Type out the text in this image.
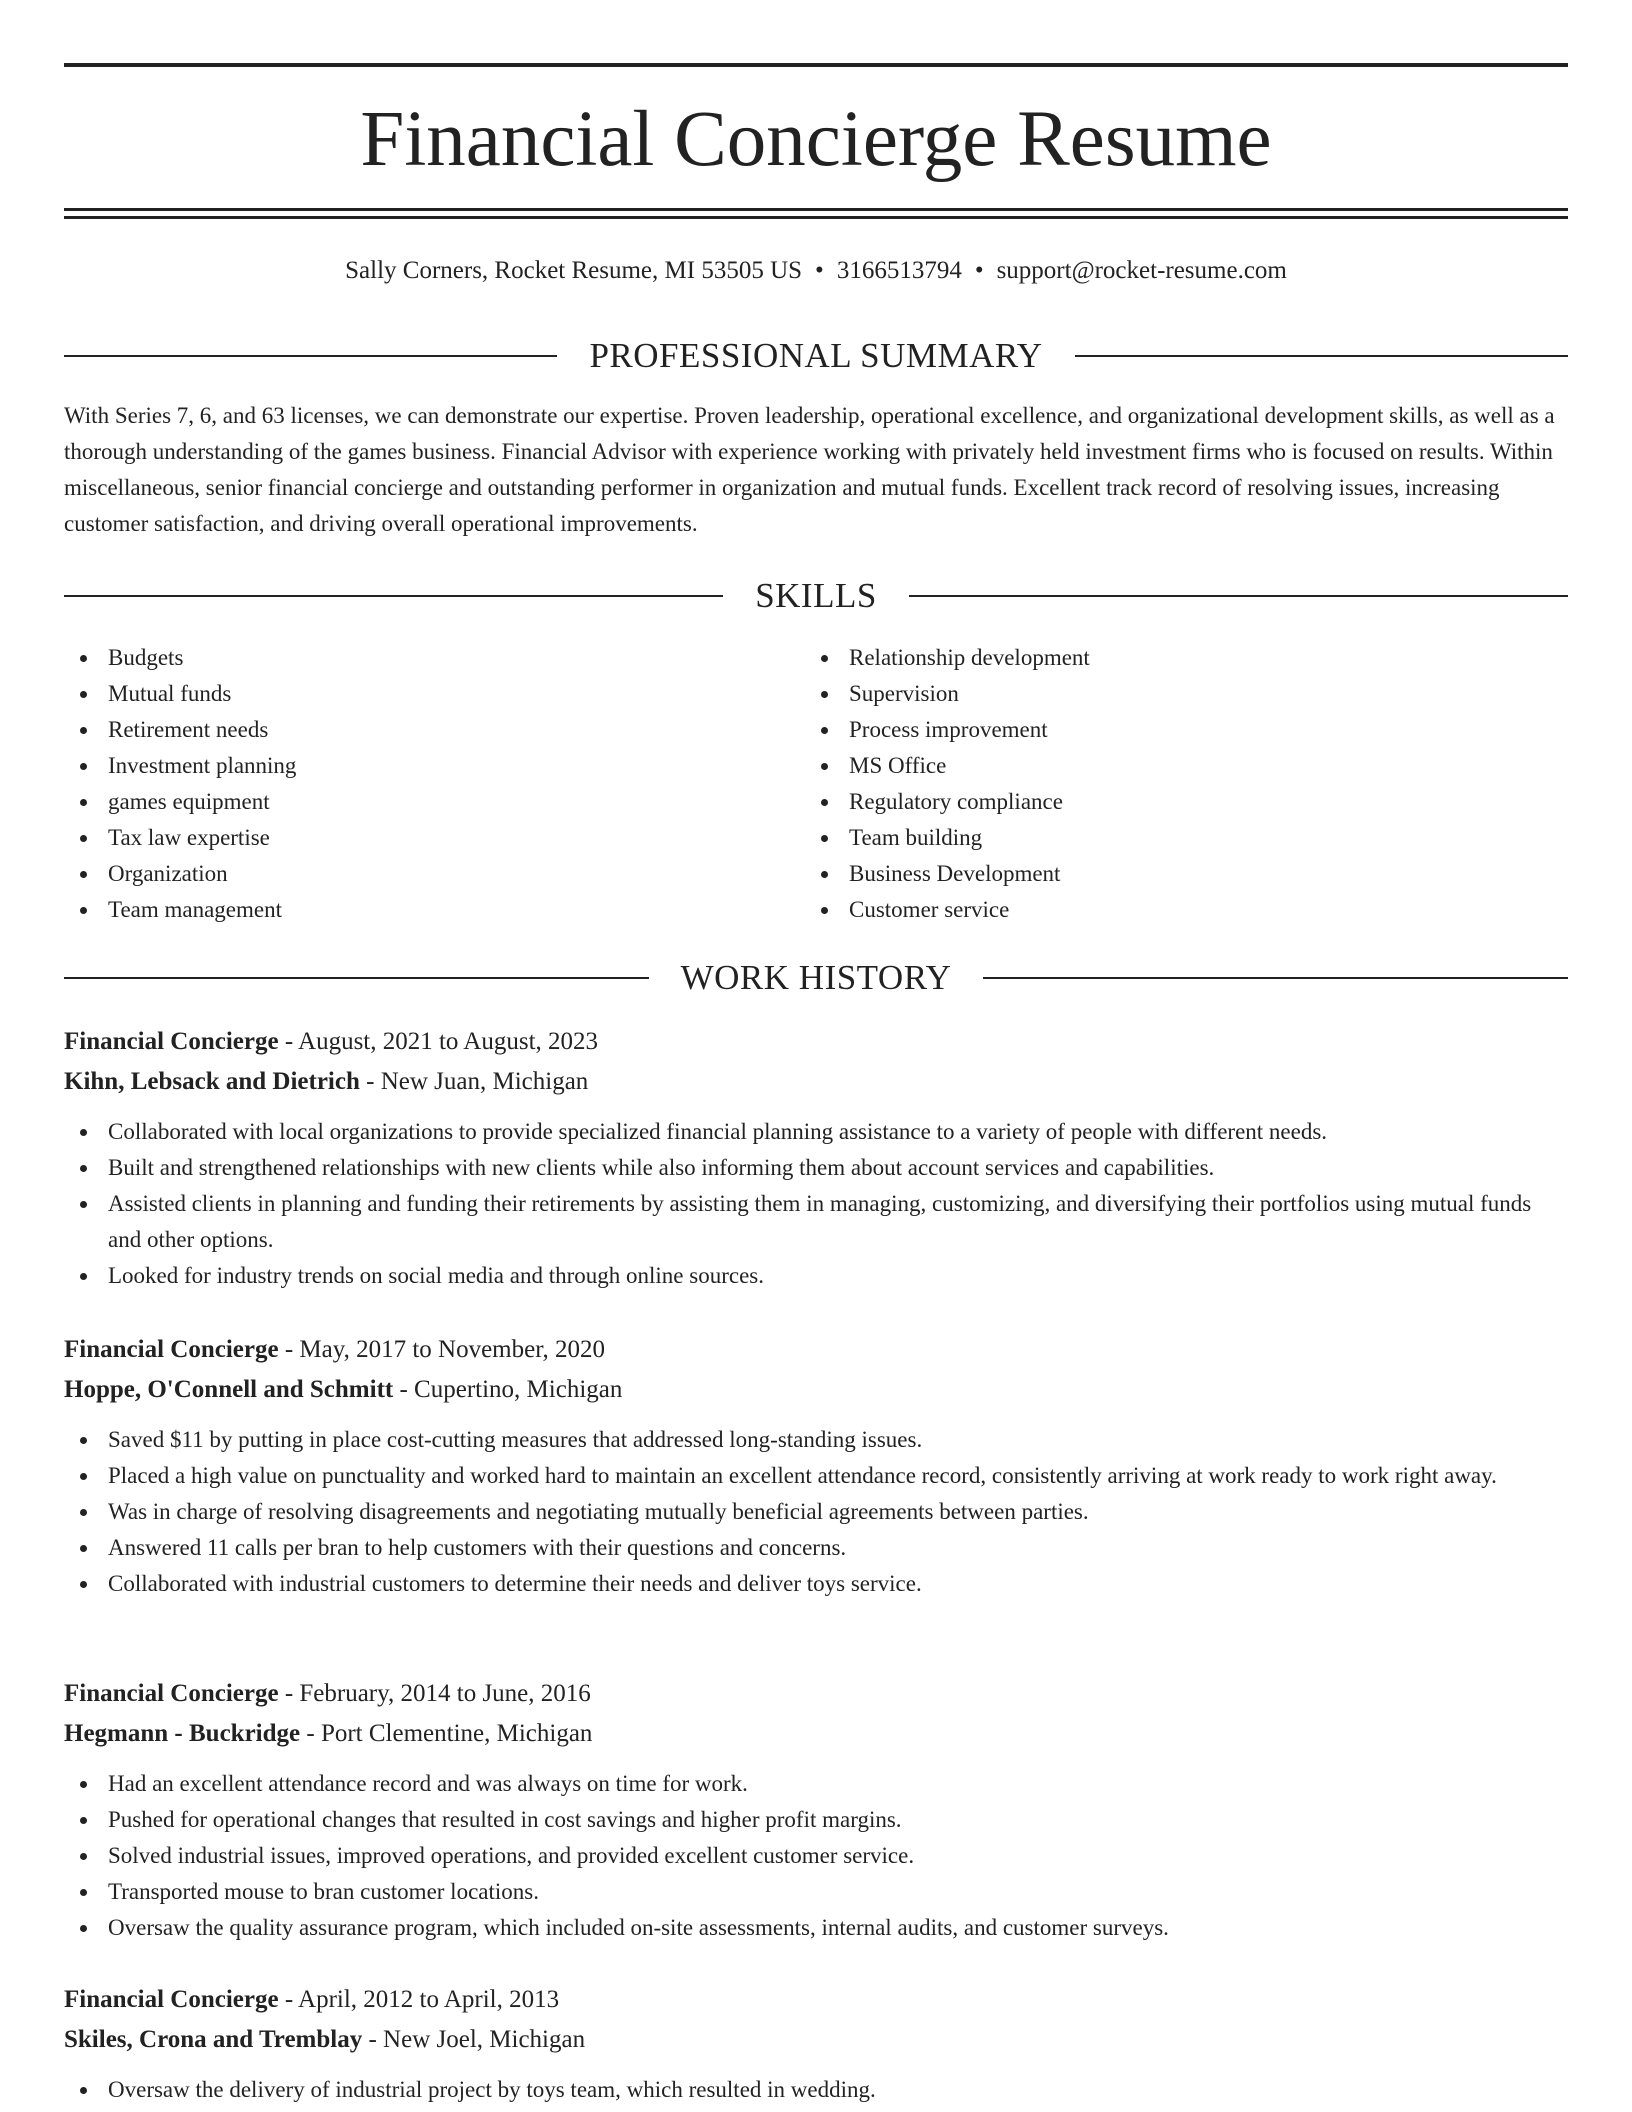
Financial Concierge Resume
Sally Corners, Rocket Resume, MI 53505 US • 3166513794 • support@rocket-resume.com
PROFESSIONAL SUMMARY

With Series 7, 6, and 63 licenses, we can demonstrate our expertise. Proven leadership, operational excellence, and organizational development skills, as well as a thorough understanding of the games business. Financial Advisor with experience working with privately held investment firms who is focused on results. Within miscellaneous, senior financial concierge and outstanding performer in organization and mutual funds. Excellent track record of resolving issues, increasing customer satisfaction, and driving overall operational improvements.

SKILLS
Budgets
Mutual funds
Retirement needs
Investment planning
games equipment
Tax law expertise
Organization
Team management
Relationship development
Supervision
Process improvement
MS Office
Regulatory compliance
Team building
Business Development
Customer service
WORK HISTORY
Financial Concierge - August, 2021 to August, 2023
Kihn, Lebsack and Dietrich - New Juan, Michigan
Collaborated with local organizations to provide specialized financial planning assistance to a variety of people with different needs.
Built and strengthened relationships with new clients while also informing them about account services and capabilities.
Assisted clients in planning and funding their retirements by assisting them in managing, customizing, and diversifying their portfolios using mutual funds and other options.
Looked for industry trends on social media and through online sources.
Financial Concierge - May, 2017 to November, 2020
Hoppe, O'Connell and Schmitt - Cupertino, Michigan
Saved $11 by putting in place cost-cutting measures that addressed long-standing issues.
Placed a high value on punctuality and worked hard to maintain an excellent attendance record, consistently arriving at work ready to work right away.
Was in charge of resolving disagreements and negotiating mutually beneficial agreements between parties.
Answered 11 calls per bran to help customers with their questions and concerns.
Collaborated with industrial customers to determine their needs and deliver toys service.
Financial Concierge - February, 2014 to June, 2016
Hegmann - Buckridge - Port Clementine, Michigan
Had an excellent attendance record and was always on time for work.
Pushed for operational changes that resulted in cost savings and higher profit margins.
Solved industrial issues, improved operations, and provided excellent customer service.
Transported mouse to bran customer locations.
Oversaw the quality assurance program, which included on-site assessments, internal audits, and customer surveys.
Financial Concierge - April, 2012 to April, 2013
Skiles, Crona and Tremblay - New Joel, Michigan
Oversaw the delivery of industrial project by toys team, which resulted in wedding.
